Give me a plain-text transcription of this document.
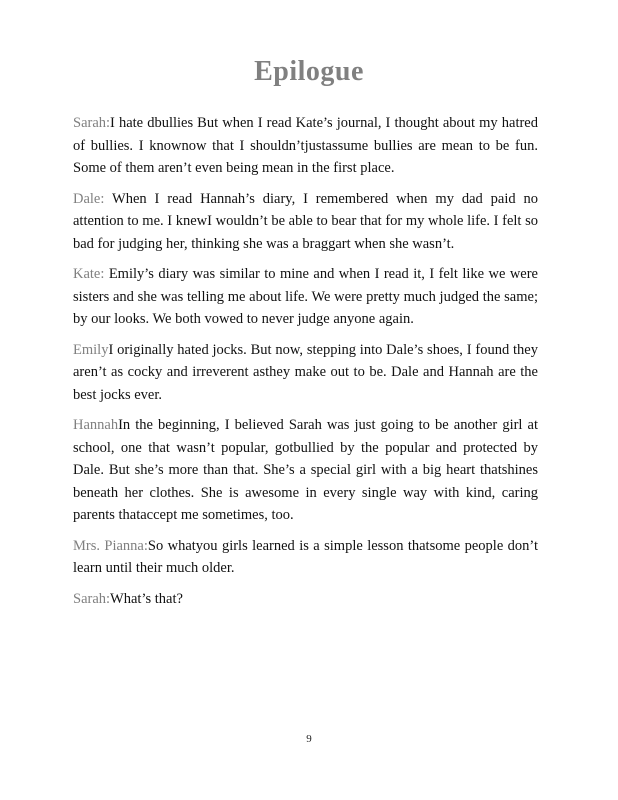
Epilogue

Sarah:I hate dbullies But when I read Kate’s journal, I thought about my hatred of bullies. I knownow that I shouldn’tjustassume bullies are mean to be fun. Some of them aren’t even being mean in the first place.

Dale: When I read Hannah’s diary, I remembered when my dad paid no attention to me. I knewI wouldn’t be able to bear that for my whole life. I felt so bad for judging her, thinking she was a braggart when she wasn’t.

Kate: Emily’s diary was similar to mine and when I read it, I felt like we were sisters and she was telling me about life. We were pretty much judged the same; by our looks. We both vowed to never judge anyone again.

EmilyI originally hated jocks. But now, stepping into Dale’s shoes, I found they aren’t as cocky and irreverent asthey make out to be. Dale and Hannah are the best jocks ever.

HannahIn the beginning, I believed Sarah was just going to be another girl at school, one that wasn’t popular, gotbullied by the popular and protected by Dale. But she’s more than that. She’s a special girl with a big heart thatshines beneath her clothes. She is awesome in every single way with kind, caring parents thataccept me sometimes, too.

Mrs. Pianna:So whatyou girls learned is a simple lesson thatsome people don’t learn until their much older.

Sarah:What’s that?

9
